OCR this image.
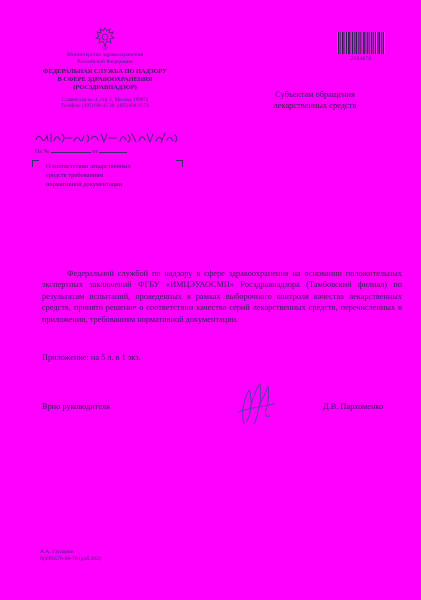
Министерство здравоохранения
Российской Федерации
ФЕДЕРАЛЬНАЯ СЛУЖБА ПО НАДЗОРУ
В СФЕРЕ ЗДРАВООХРАНЕНИЯ
(РОСЗДРАВНАДЗОР)
Славянская пл. 4, стр. 1, Москва, 109074
Телефон: (495) 698 45 38; (495) 698 15 74
На №	от
О соответствии лекарственных
средств требованиям
нормативной документации
2164670
Субъектам обращения
лекарственных средств

Федеральной службой по надзору в сфере здравоохранения на основании положительных экспертных заключений ФГБУ «ИМЦЭУАОСМП» Росздравнадзора (Тамбовский филиал) по результатам испытаний, проведенных в рамках выборочного контроля качества лекарственных средств, принято решение о соответствии качества серий лекарственных средств, перечисленных в приложении, требованиям нормативной документации.

Приложение: на 5 л. в 1 экз.
Врио руководителя	Д.В. Пархоменко
А.А. Гаспарян
8(499)578-06-70 (доб.302)
